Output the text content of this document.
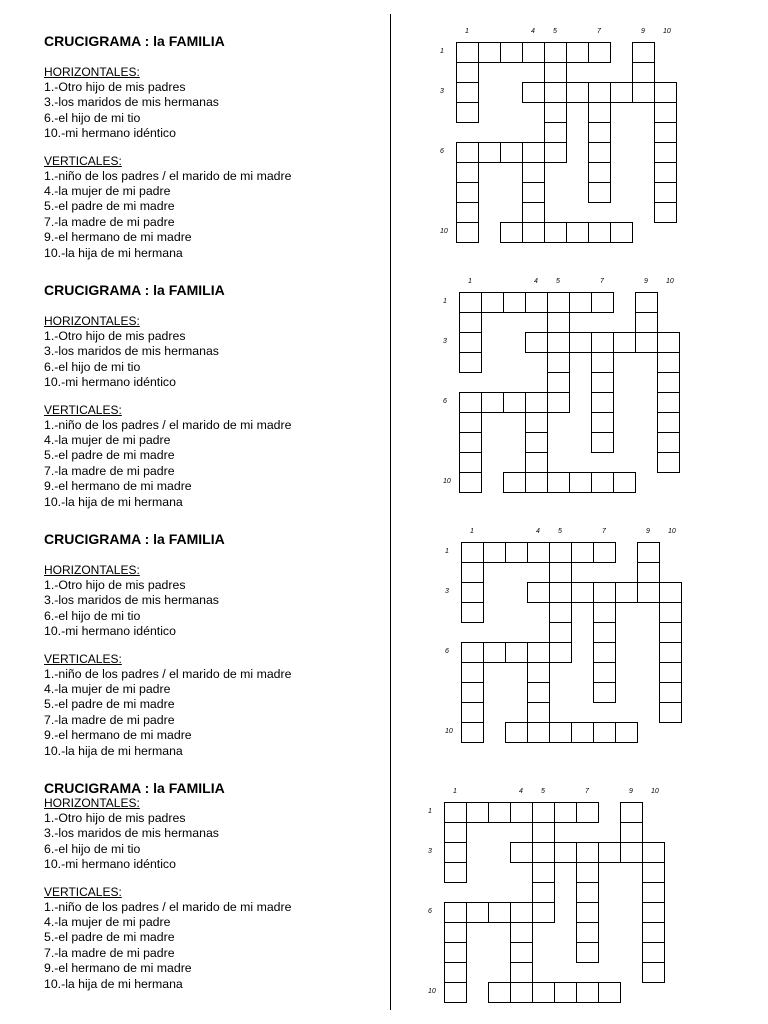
CRUCIGRAMA : la FAMILIA

HORIZONTALES:

1.-Otro hijo de mis padres

3.-los maridos de mis hermanas

6.-el hijo de mi tio

10.-mi hermano idéntico

VERTICALES:

1.-niño de los padres / el marido de mi madre

4.-la mujer de mi padre

5.-el padre de mi madre

7.-la madre de mi padre

9.-el hermano de mi madre

10.-la hija de mi hermana

CRUCIGRAMA : la FAMILIA

HORIZONTALES:

1.-Otro hijo de mis padres

3.-los maridos de mis hermanas

6.-el hijo de mi tio

10.-mi hermano idéntico

VERTICALES:

1.-niño de los padres / el marido de mi madre

4.-la mujer de mi padre

5.-el padre de mi madre

7.-la madre de mi padre

9.-el hermano de mi madre

10.-la hija de mi hermana

CRUCIGRAMA : la FAMILIA

HORIZONTALES:

1.-Otro hijo de mis padres

3.-los maridos de mis hermanas

6.-el hijo de mi tio

10.-mi hermano idéntico

VERTICALES:

1.-niño de los padres / el marido de mi madre

4.-la mujer de mi padre

5.-el padre de mi madre

7.-la madre de mi padre

9.-el hermano de mi madre

10.-la hija de mi hermana

CRUCIGRAMA : la FAMILIA

HORIZONTALES:

1.-Otro hijo de mis padres

3.-los maridos de mis hermanas

6.-el hijo de mi tio

10.-mi hermano idéntico

VERTICALES:

1.-niño de los padres / el marido de mi madre

4.-la mujer de mi padre

5.-el padre de mi madre

7.-la madre de mi padre

9.-el hermano de mi madre

10.-la hija de mi hermana

1	4	5	7	9	10
1
3
6
10
1	4	5	7	9	10
1
3
6
10
1	4	5	7	9	10
1
3
6
10
1	4	5	7	9	10
1
3
6
10
